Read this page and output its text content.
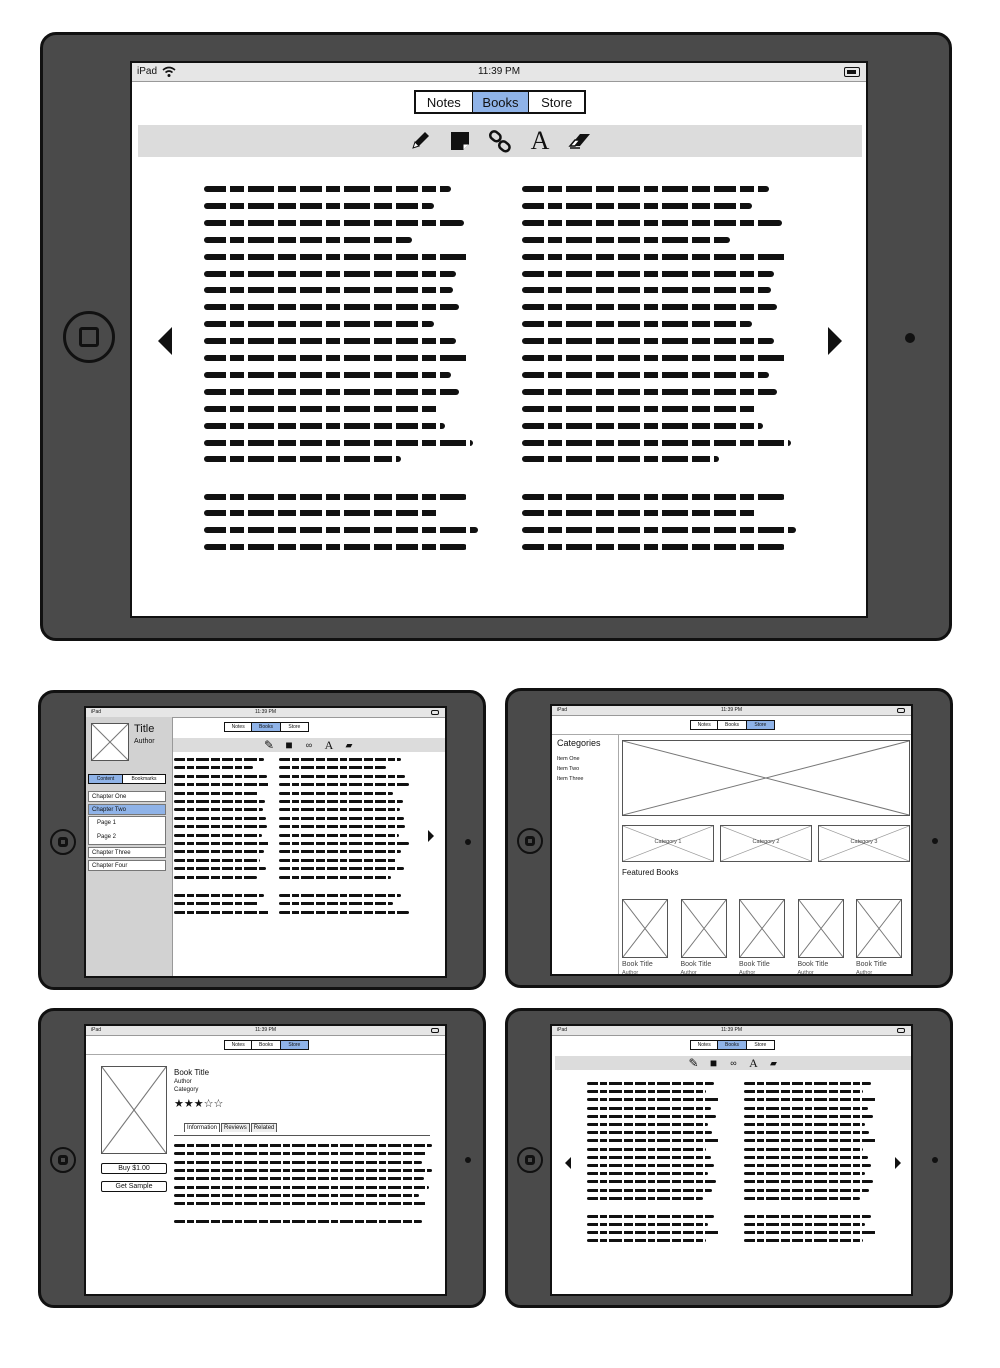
iPad	11:39 PM
Notes	Books	Store
A
iPad	11:39 PM
Title
Author
Content	Bookmarks
Chapter One
Chapter Two
Page 1
Page 2
Chapter Three
Chapter Four
Notes	Books	Store
✎ ■	∞	A	▰
iPad	11:39 PM
Notes	Books	Store
Categories
Item One
Item Two
Item Three
Category 1	Category 2	Category 3
Featured Books
Book Title
Author
Book Title
Author
Book Title
Author
Book Title
Author
Book Title
Author
iPad	11:39 PM
Notes	Books	Store
Buy $1.00
Get Sample
Book Title
Author
Category
★★★☆☆
Information	Reviews	Related
iPad	11:39 PM
Notes	Books	Store
✎ ■	∞	A	▰
